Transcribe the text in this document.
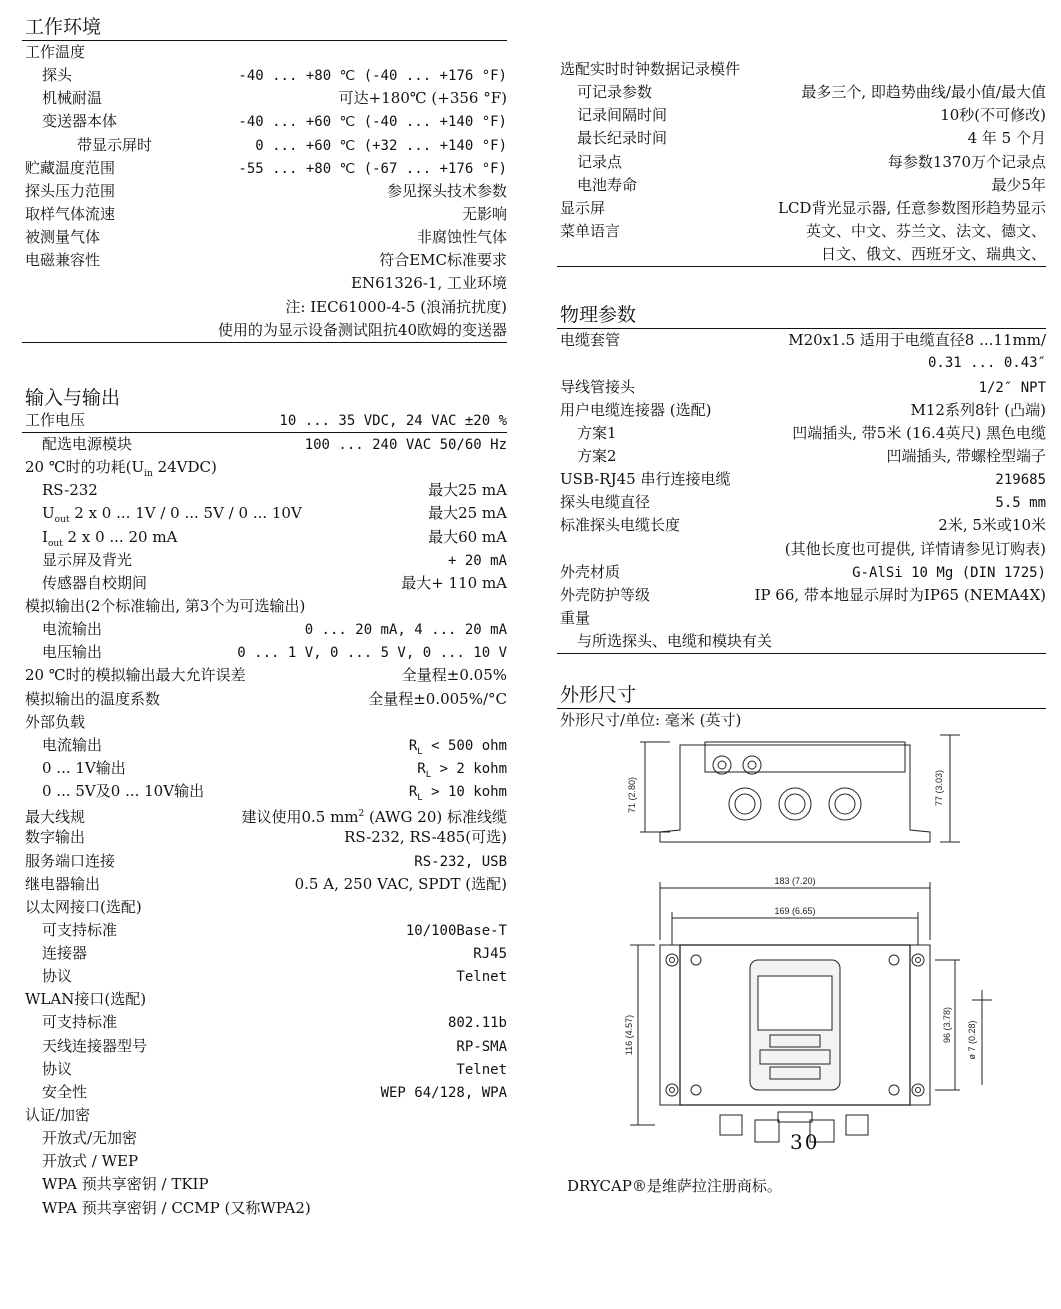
工作环境
工作温度
探头	-40 ... +80 ℃ (-40 ... +176 °F)
机械耐温	可达+180℃ (+356 °F)
变送器本体	-40 ... +60 ℃ (-40 ... +140 °F)
带显示屏时	0 ... +60 ℃ (+32 ... +140 °F)
贮藏温度范围	-55 ... +80 ℃ (-67 ... +176 °F)
探头压力范围	参见探头技术参数
取样气体流速	无影响
被测量气体	非腐蚀性气体
电磁兼容性	符合EMC标准要求
EN61326-1, 工业环境
注: IEC61000-4-5 (浪涌抗扰度)
使用的为显示设备测试阻抗40欧姆的变送器
输入与输出
工作电压	10 ... 35 VDC, 24 VAC ±20 %
配选电源模块	100 ... 240 VAC 50/60 Hz
20 ℃时的功耗($U_{in}$ 24VDC)
RS-232	最大25 mA
$U_{out}$ 2 x 0 ... 1V / 0 ... 5V / 0 ... 10V	最大25 mA
$I_{out}$ 2 x 0 ... 20 mA	最大60 mA
显示屏及背光	+ 20 mA
传感器自校期间	最大+ 110 mA
模拟输出(2个标准输出, 第3个为可选输出)
电流输出	0 ... 20 mA, 4 ... 20 mA
电压输出	0 ... 1 V, 0 ... 5 V, 0 ... 10 V
20 ℃时的模拟输出最大允许误差	全量程±0.05%
模拟输出的温度系数	全量程±0.005%/°C
外部负载
电流输出	$R_L < 500$ ohm
0 ... 1V输出	$R_L > 2$ kohm
0 ... 5V及0 ... 10V输出	$R_L > 10$ kohm
最大线规	建议使用0.5 $mm^2$ (AWG 20) 标准线缆
数字输出	RS-232, RS-485(可选)
服务端口连接	RS-232, USB
继电器输出	0.5 A, 250 VAC, SPDT (选配)
以太网接口(选配)
可支持标准	10/100Base-T
连接器	RJ45
协议	Telnet
WLAN接口(选配)
可支持标准	802.11b
天线连接器型号	RP-SMA
协议	Telnet
安全性	WEP 64/128, WPA
认证/加密
开放式/无加密
开放式 / WEP
WPA 预共享密钥 / TKIP
WPA 预共享密钥 / CCMP (又称WPA2)
选配实时时钟数据记录模件
可记录参数	最多三个, 即趋势曲线/最小值/最大值
记录间隔时间	10秒(不可修改)
最长纪录时间	4 年 5 个月
记录点	每参数1370万个记录点
电池寿命	最少5年
显示屏	LCD背光显示器, 任意参数图形趋势显示
菜单语言	英文、中文、芬兰文、法文、德文、
日文、俄文、西班牙文、瑞典文、
物理参数
电缆套管	M20x1.5 适用于电缆直径8 ...11mm/
0.31 ... 0.43″
导线管接头	1/2″ NPT
用户电缆连接器 (选配)	M12系列8针 (凸端)
方案1	凹端插头, 带5米 (16.4英尺) 黑色电缆
方案2	凹端插头, 带螺栓型端子
USB-RJ45 串行连接电缆	219685
探头电缆直径	5.5 mm
标准探头电缆长度	2米, 5米或10米
(其他长度也可提供, 详情请参见订购表)
外壳材质	G-AlSi 10 Mg (DIN 1725)
外壳防护等级	IP 66, 带本地显示屏时为IP65 (NEMA4X)
重量
与所选探头、电缆和模块有关
外形尺寸
外形尺寸/单位: 毫米 (英寸)
71 (2.80)	77 (3.03)
183 (7.20)
169 (6.65)
116 (4.57)	96 (3.78) ø 7 (0.28)
30
DRYCAP®是维萨拉注册商标。
